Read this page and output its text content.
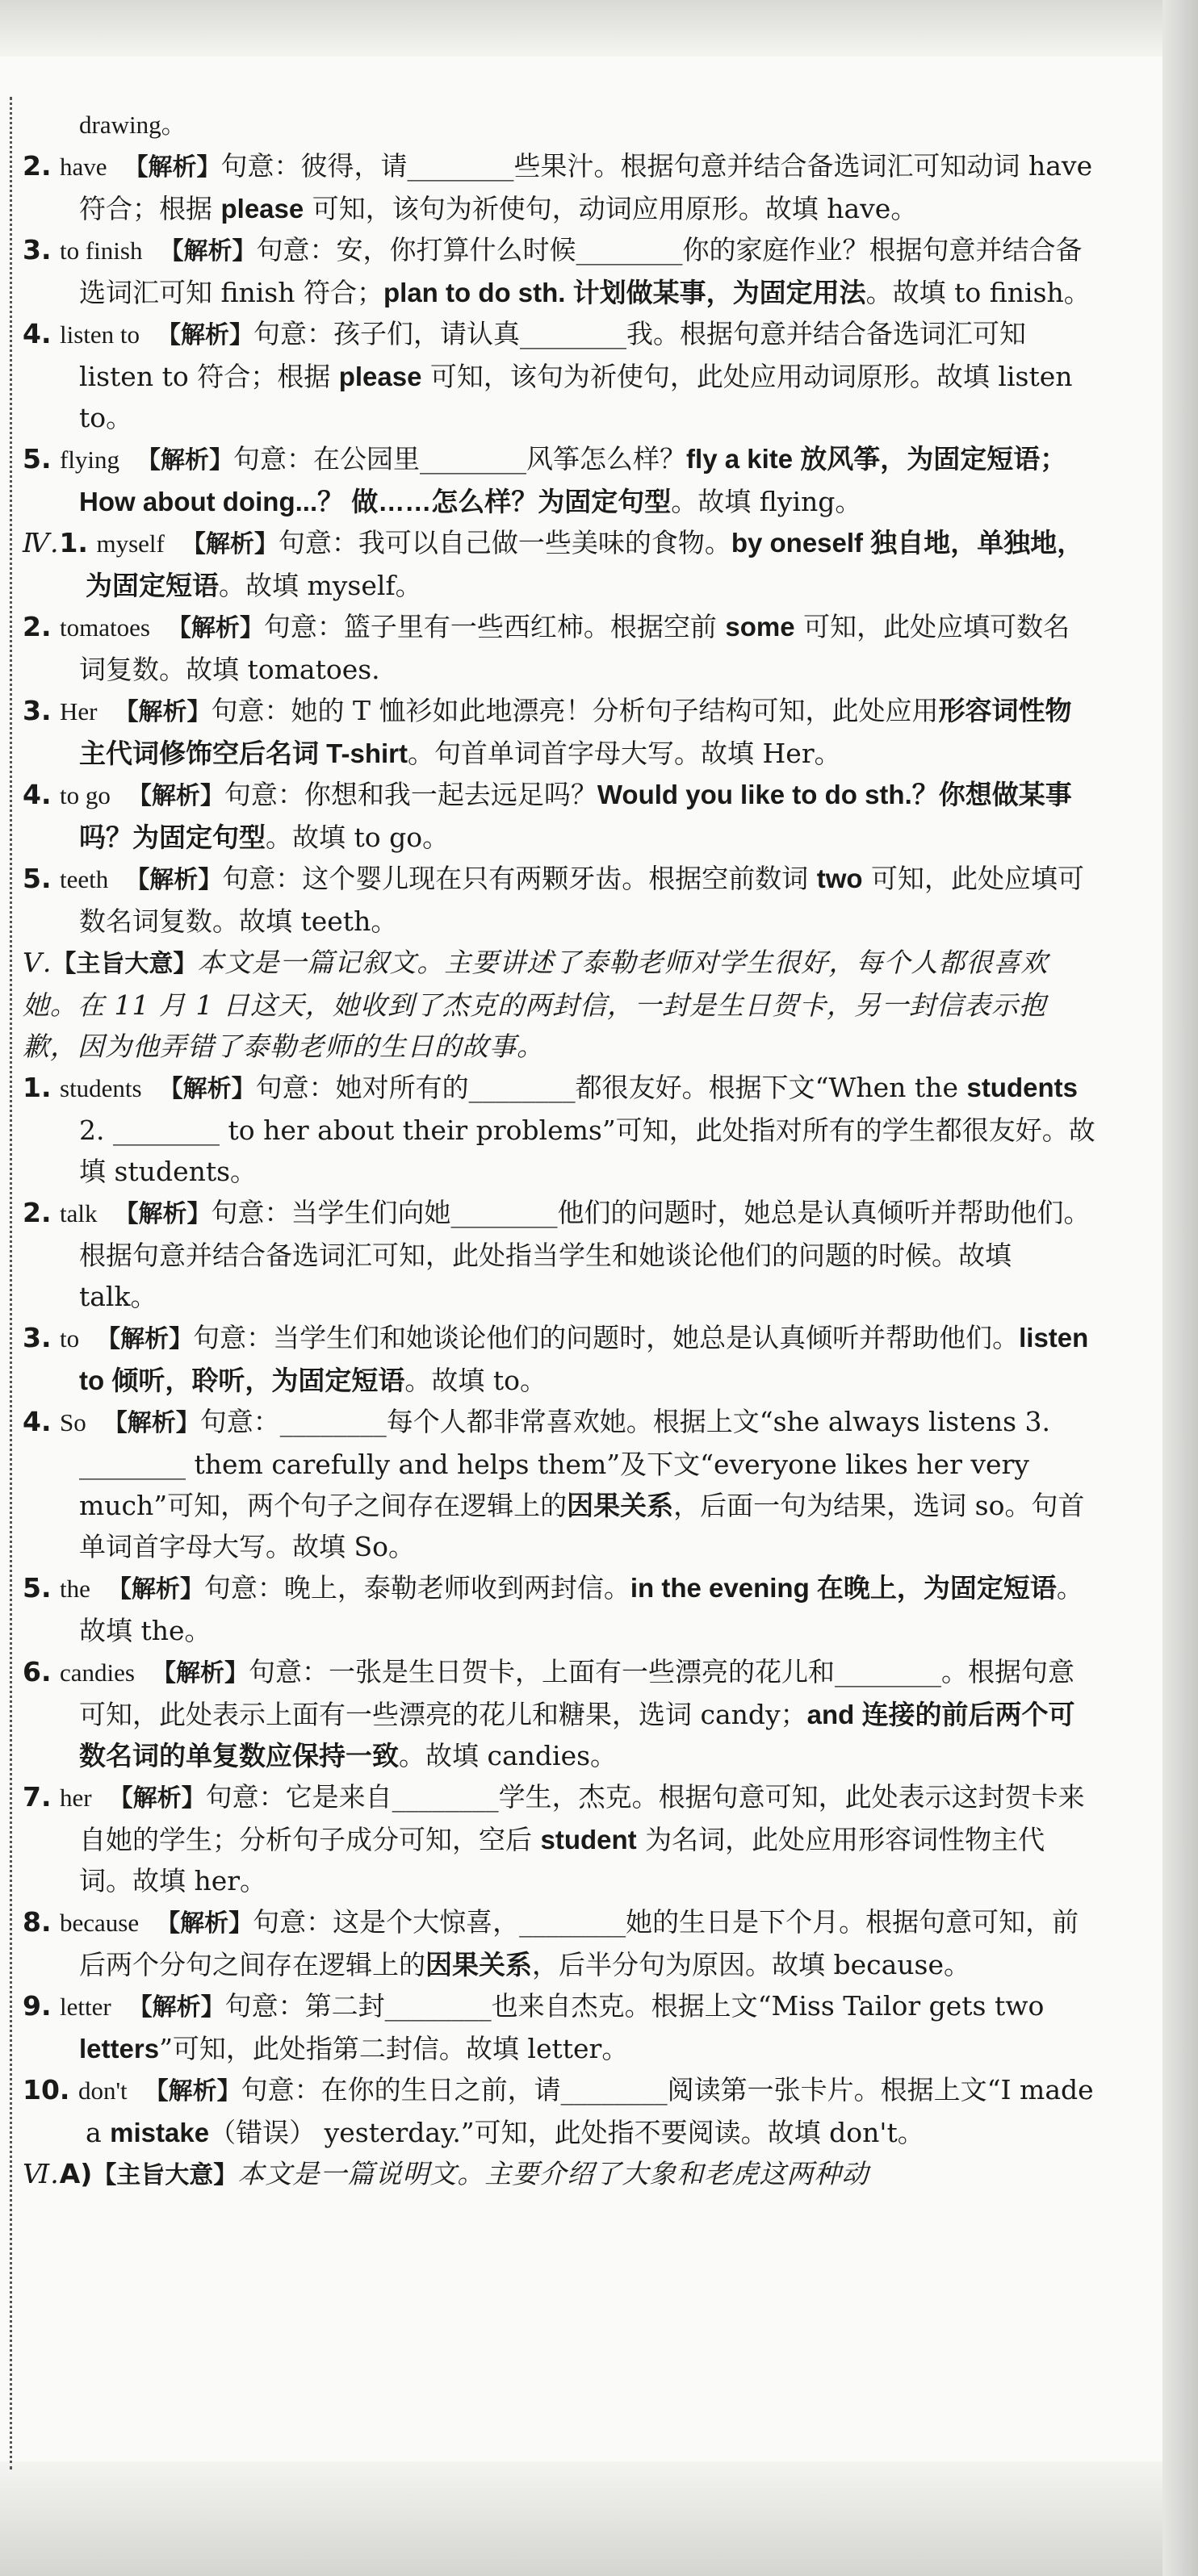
drawing。

2. have 【解析】句意：彼得，请________些果汁。根据句意并结合备选词汇可知动词 have 符合；根据 please 可知，该句为祈使句，动词应用原形。故填 have。

3. to finish 【解析】句意：安，你打算什么时候________你的家庭作业？根据句意并结合备选词汇可知 finish 符合；plan to do sth. 计划做某事，为固定用法。故填 to finish。

4. listen to 【解析】句意：孩子们，请认真________我。根据句意并结合备选词汇可知 listen to 符合；根据 please 可知，该句为祈使句，此处应用动词原形。故填 listen to。

5. flying 【解析】句意：在公园里________风筝怎么样？fly a kite 放风筝，为固定短语；How about doing...？ 做……怎么样？为固定句型。故填 flying。

Ⅳ.1. myself 【解析】句意：我可以自己做一些美味的食物。by oneself 独自地，单独地，为固定短语。故填 myself。

2. tomatoes 【解析】句意：篮子里有一些西红柿。根据空前 some 可知，此处应填可数名词复数。故填 tomatoes.

3. Her 【解析】句意：她的 T 恤衫如此地漂亮！分析句子结构可知，此处应用形容词性物主代词修饰空后名词 T-shirt。句首单词首字母大写。故填 Her。

4. to go 【解析】句意：你想和我一起去远足吗？Would you like to do sth.？你想做某事吗？为固定句型。故填 to go。

5. teeth 【解析】句意：这个婴儿现在只有两颗牙齿。根据空前数词 two 可知，此处应填可数名词复数。故填 teeth。

Ⅴ.【主旨大意】本文是一篇记叙文。主要讲述了泰勒老师对学生很好，每个人都很喜欢她。在 11 月 1 日这天，她收到了杰克的两封信，一封是生日贺卡，另一封信表示抱歉，因为他弄错了泰勒老师的生日的故事。

1. students 【解析】句意：她对所有的________都很友好。根据下文“When the students 2. ________ to her about their problems”可知，此处指对所有的学生都很友好。故填 students。

2. talk 【解析】句意：当学生们向她________他们的问题时，她总是认真倾听并帮助他们。根据句意并结合备选词汇可知，此处指当学生和她谈论他们的问题的时候。故填 talk。

3. to 【解析】句意：当学生们和她谈论他们的问题时，她总是认真倾听并帮助他们。listen to 倾听，聆听，为固定短语。故填 to。

4. So 【解析】句意：________每个人都非常喜欢她。根据上文“she always listens 3. ________ them carefully and helps them”及下文“everyone likes her very much”可知，两个句子之间存在逻辑上的因果关系，后面一句为结果，选词 so。句首单词首字母大写。故填 So。

5. the 【解析】句意：晚上，泰勒老师收到两封信。in the evening 在晚上，为固定短语。故填 the。

6. candies 【解析】句意：一张是生日贺卡，上面有一些漂亮的花儿和________。根据句意可知，此处表示上面有一些漂亮的花儿和糖果，选词 candy；and 连接的前后两个可数名词的单复数应保持一致。故填 candies。

7. her 【解析】句意：它是来自________学生，杰克。根据句意可知，此处表示这封贺卡来自她的学生；分析句子成分可知，空后 student 为名词，此处应用形容词性物主代词。故填 her。

8. because 【解析】句意：这是个大惊喜，________她的生日是下个月。根据句意可知，前后两个分句之间存在逻辑上的因果关系，后半分句为原因。故填 because。

9. letter 【解析】句意：第二封________也来自杰克。根据上文“Miss Tailor gets two letters”可知，此处指第二封信。故填 letter。

10. don't 【解析】句意：在你的生日之前，请________阅读第一张卡片。根据上文“I made a mistake（错误） yesterday.”可知，此处指不要阅读。故填 don't。

Ⅵ.A)【主旨大意】本文是一篇说明文。主要介绍了大象和老虎这两种动
